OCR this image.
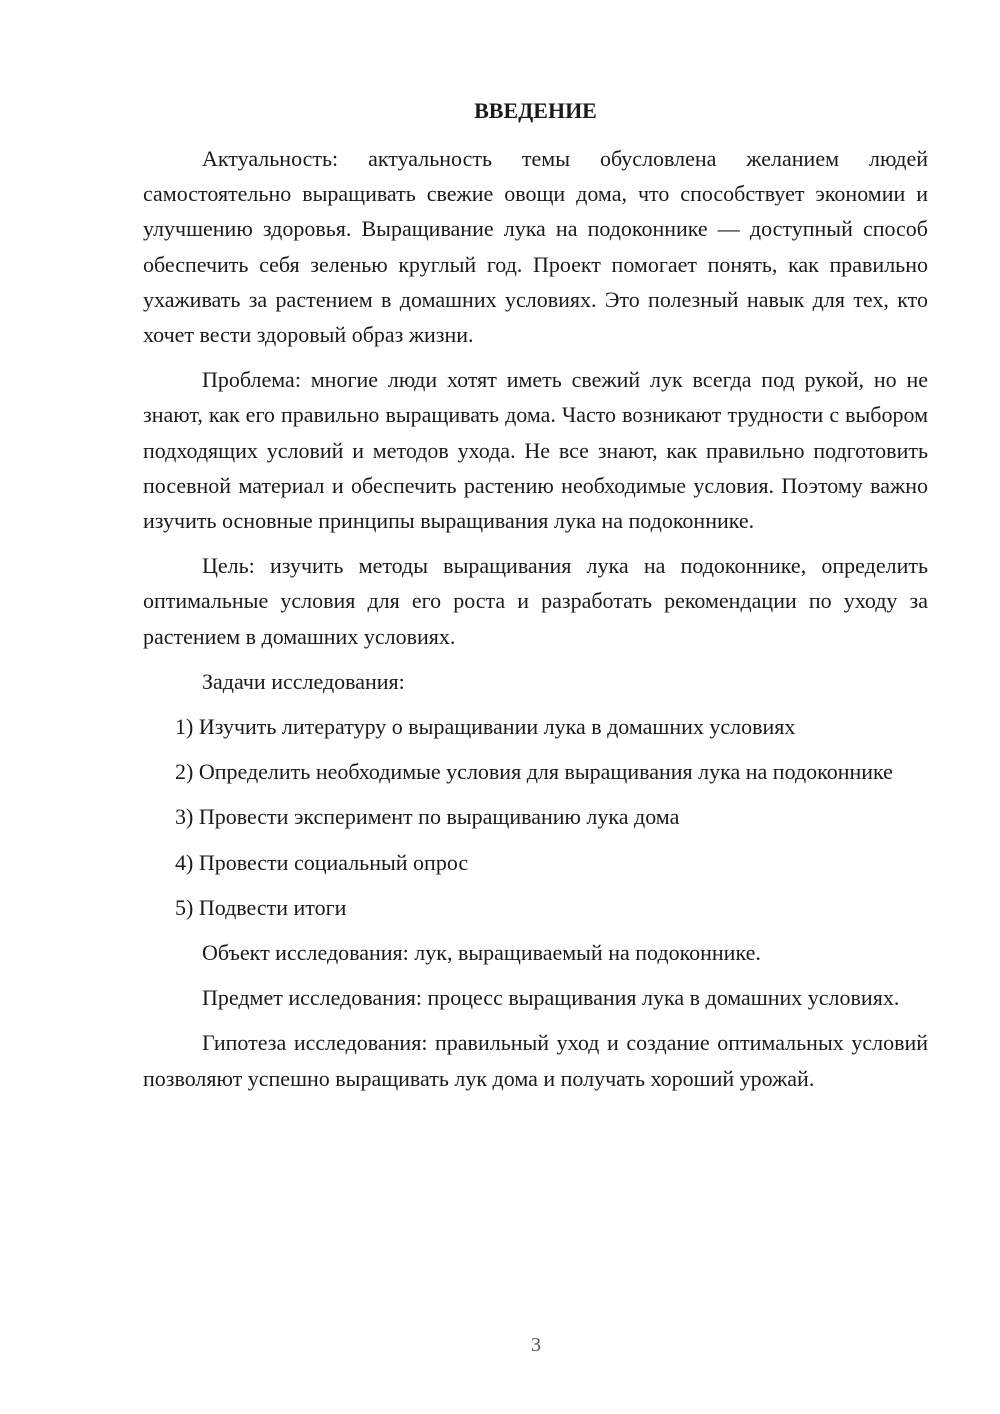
ВВЕДЕНИЕ

Актуальность: актуальность темы обусловлена желанием людей самостоятельно выращивать свежие овощи дома, что способствует экономии и улучшению здоровья. Выращивание лука на подоконнике — доступный способ обеспечить себя зеленью круглый год. Проект помогает понять, как правильно ухаживать за растением в домашних условиях. Это полезный навык для тех, кто хочет вести здоровый образ жизни.

Проблема: многие люди хотят иметь свежий лук всегда под рукой, но не знают, как его правильно выращивать дома. Часто возникают трудности с выбором подходящих условий и методов ухода. Не все знают, как правильно подготовить посевной материал и обеспечить растению необходимые условия. Поэтому важно изучить основные принципы выращивания лука на подоконнике.

Цель: изучить методы выращивания лука на подоконнике, определить оптимальные условия для его роста и разработать рекомендации по уходу за растением в домашних условиях.

Задачи исследования:

1) Изучить литературу о выращивании лука в домашних условиях

2) Определить необходимые условия для выращивания лука на подоконнике

3) Провести эксперимент по выращиванию лука дома

4) Провести социальный опрос

5) Подвести итоги

Объект исследования: лук, выращиваемый на подоконнике.

Предмет исследования: процесс выращивания лука в домашних условиях.

Гипотеза исследования: правильный уход и создание оптимальных условий позволяют успешно выращивать лук дома и получать хороший урожай.

3
